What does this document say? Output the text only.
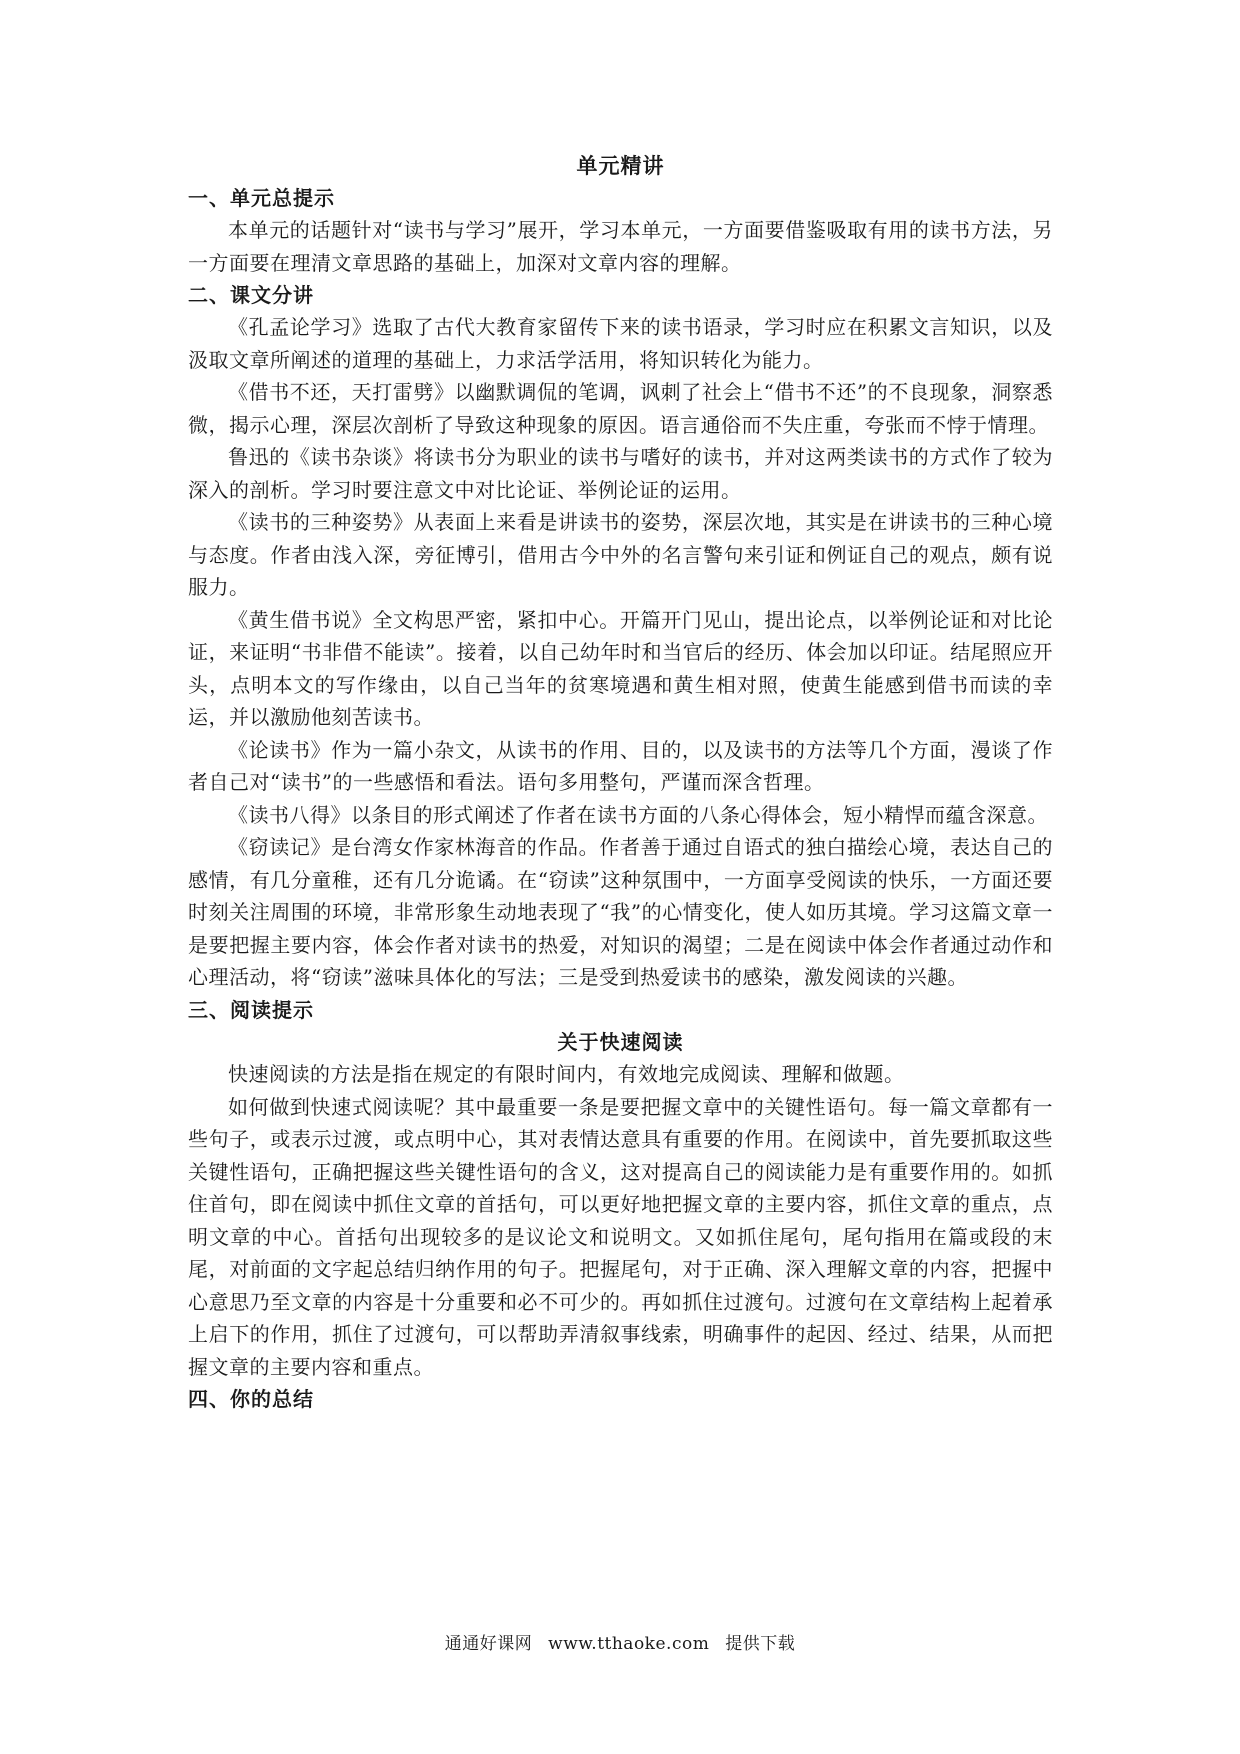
单元精讲
一、单元总提示

本单元的话题针对“读书与学习”展开，学习本单元，一方面要借鉴吸取有用的读书方法，另一方面要在理清文章思路的基础上，加深对文章内容的理解。

二、课文分讲

《孔孟论学习》选取了古代大教育家留传下来的读书语录，学习时应在积累文言知识，以及汲取文章所阐述的道理的基础上，力求活学活用，将知识转化为能力。

《借书不还，天打雷劈》以幽默调侃的笔调，讽刺了社会上“借书不还”的不良现象，洞察悉微，揭示心理，深层次剖析了导致这种现象的原因。语言通俗而不失庄重，夸张而不悖于情理。

鲁迅的《读书杂谈》将读书分为职业的读书与嗜好的读书，并对这两类读书的方式作了较为深入的剖析。学习时要注意文中对比论证、举例论证的运用。

《读书的三种姿势》从表面上来看是讲读书的姿势，深层次地，其实是在讲读书的三种心境与态度。作者由浅入深，旁征博引，借用古今中外的名言警句来引证和例证自己的观点，颇有说服力。

《黄生借书说》全文构思严密，紧扣中心。开篇开门见山，提出论点，以举例论证和对比论证，来证明“书非借不能读”。接着，以自己幼年时和当官后的经历、体会加以印证。结尾照应开头，点明本文的写作缘由，以自己当年的贫寒境遇和黄生相对照，使黄生能感到借书而读的幸运，并以激励他刻苦读书。

《论读书》作为一篇小杂文，从读书的作用、目的，以及读书的方法等几个方面，漫谈了作者自己对“读书”的一些感悟和看法。语句多用整句，严谨而深含哲理。

《读书八得》以条目的形式阐述了作者在读书方面的八条心得体会，短小精悍而蕴含深意。

《窃读记》是台湾女作家林海音的作品。作者善于通过自语式的独白描绘心境，表达自己的感情，有几分童稚，还有几分诡谲。在“窃读”这种氛围中，一方面享受阅读的快乐，一方面还要时刻关注周围的环境，非常形象生动地表现了“我”的心情变化，使人如历其境。学习这篇文章一是要把握主要内容，体会作者对读书的热爱，对知识的渴望；二是在阅读中体会作者通过动作和心理活动，将“窃读”滋味具体化的写法；三是受到热爱读书的感染，激发阅读的兴趣。

三、阅读提示
关于快速阅读

快速阅读的方法是指在规定的有限时间内，有效地完成阅读、理解和做题。

如何做到快速式阅读呢？其中最重要一条是要把握文章中的关键性语句。每一篇文章都有一些句子，或表示过渡，或点明中心，其对表情达意具有重要的作用。在阅读中，首先要抓取这些关键性语句，正确把握这些关键性语句的含义，这对提高自己的阅读能力是有重要作用的。如抓住首句，即在阅读中抓住文章的首括句，可以更好地把握文章的主要内容，抓住文章的重点，点明文章的中心。首括句出现较多的是议论文和说明文。又如抓住尾句，尾句指用在篇或段的末尾，对前面的文字起总结归纳作用的句子。把握尾句，对于正确、深入理解文章的内容，把握中心意思乃至文章的内容是十分重要和必不可少的。再如抓住过渡句。过渡句在文章结构上起着承上启下的作用，抓住了过渡句，可以帮助弄清叙事线索，明确事件的起因、经过、结果，从而把握文章的主要内容和重点。

四、你的总结
通通好课网 www.tthaoke.com 提供下载
